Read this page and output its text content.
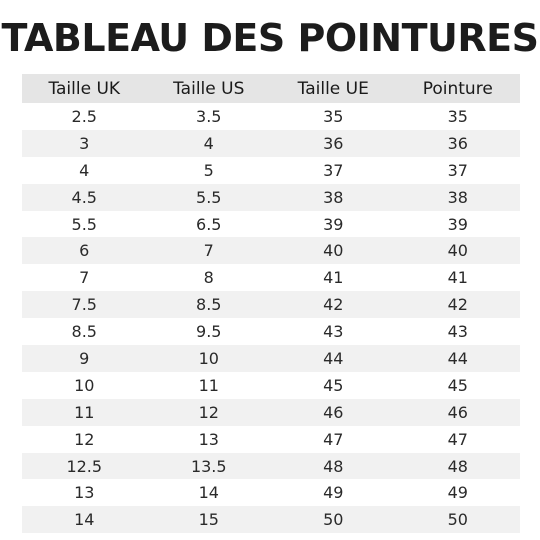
TABLEAU DES POINTURES
Taille UK	Taille US	Taille UE	Pointure
2.5	3.5	35	35
3	4	36	36
4	5	37	37
4.5	5.5	38	38
5.5	6.5	39	39
6	7	40	40
7	8	41	41
7.5	8.5	42	42
8.5	9.5	43	43
9	10	44	44
10	11	45	45
11	12	46	46
12	13	47	47
12.5	13.5	48	48
13	14	49	49
14	15	50	50
